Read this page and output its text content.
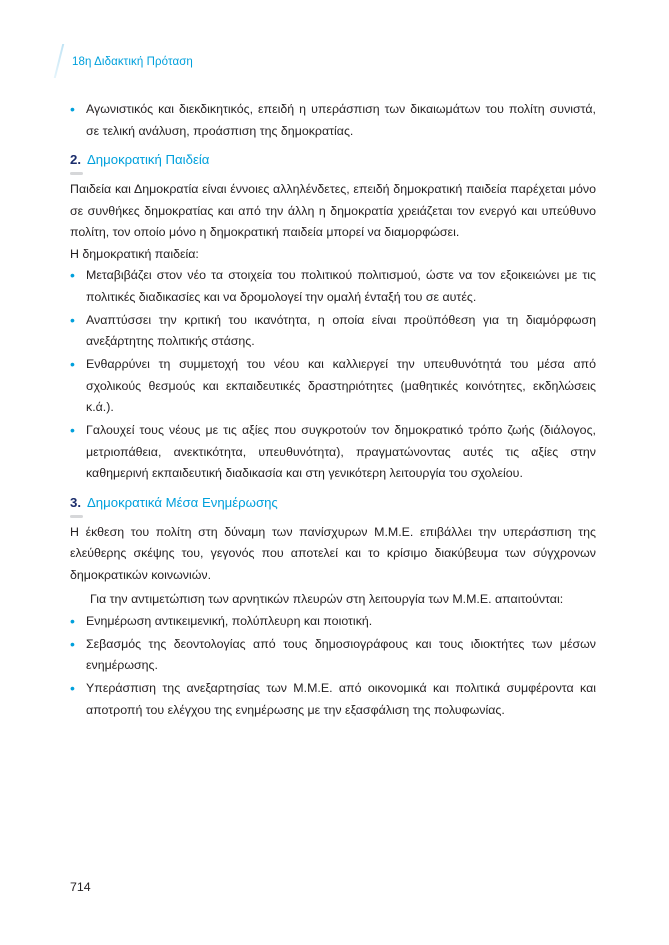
18η Διδακτική Πρόταση
• Αγωνιστικός και διεκδικητικός, επειδή η υπεράσπιση των δικαιωμάτων του πολίτη συνιστά, σε τελική ανάλυση, προάσπιση της δημοκρατίας.
2. Δημοκρατική Παιδεία

Παιδεία και Δημοκρατία είναι έννοιες αλληλένδετες, επειδή δημοκρατική παιδεία παρέχεται μόνο σε συνθήκες δημοκρατίας και από την άλλη η δημοκρατία χρειάζεται τον ενεργό και υπεύθυνο πολίτη, τον οποίο μόνο η δημοκρατική παιδεία μπορεί να διαμορφώσει.

Η δημοκρατική παιδεία:

• Μεταβιβάζει στον νέο τα στοιχεία του πολιτικού πολιτισμού, ώστε να τον εξοικειώνει με τις πολιτικές διαδικασίες και να δρομολογεί την ομαλή ένταξή του σε αυτές.
• Αναπτύσσει την κριτική του ικανότητα, η οποία είναι προϋπόθεση για τη διαμόρφωση ανεξάρτητης πολιτικής στάσης.
• Ενθαρρύνει τη συμμετοχή του νέου και καλλιεργεί την υπευθυνότητά του μέσα από σχολικούς θεσμούς και εκπαιδευτικές δραστηριότητες (μαθητικές κοινότητες, εκδηλώσεις κ.ά.).
• Γαλουχεί τους νέους με τις αξίες που συγκροτούν τον δημοκρατικό τρόπο ζωής (διάλογος, μετριοπάθεια, ανεκτικότητα, υπευθυνότητα), πραγματώνοντας αυτές τις αξίες στην καθημερινή εκπαιδευτική διαδικασία και στη γενικότερη λειτουργία του σχολείου.
3. Δημοκρατικά Μέσα Ενημέρωσης

Η έκθεση του πολίτη στη δύναμη των πανίσχυρων Μ.Μ.Ε. επιβάλλει την υπεράσπιση της ελεύθερης σκέψης του, γεγονός που αποτελεί και το κρίσιμο διακύβευμα των σύγχρονων δημοκρατικών κοινωνιών.

Για την αντιμετώπιση των αρνητικών πλευρών στη λειτουργία των Μ.Μ.Ε. απαιτούνται:

• Ενημέρωση αντικειμενική, πολύπλευρη και ποιοτική.
• Σεβασμός της δεοντολογίας από τους δημοσιογράφους και τους ιδιοκτήτες των μέσων ενημέρωσης.
• Υπεράσπιση της ανεξαρτησίας των Μ.Μ.Ε. από οικονομικά και πολιτικά συμφέροντα και αποτροπή του ελέγχου της ενημέρωσης με την εξασφάλιση της πολυφωνίας.
714
